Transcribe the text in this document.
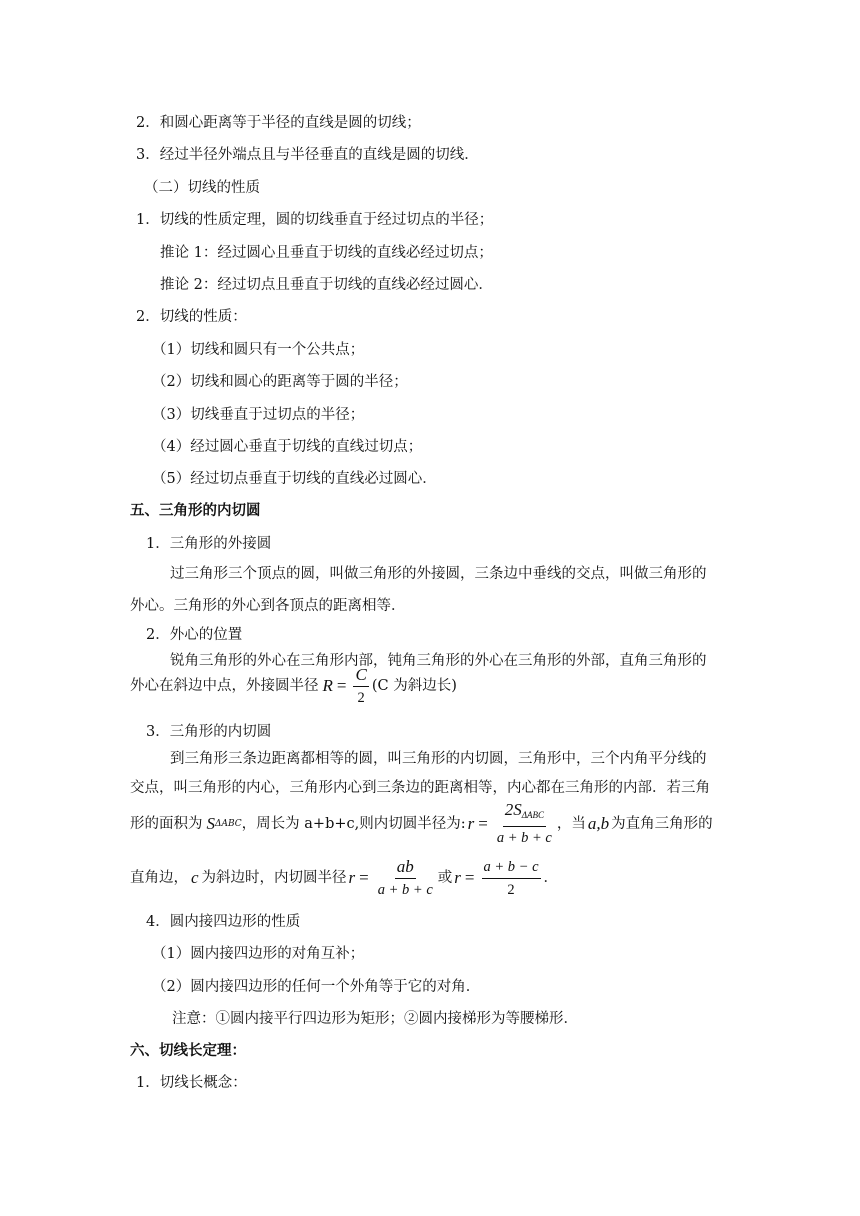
2．和圆心距离等于半径的直线是圆的切线；
3．经过半径外端点且与半径垂直的直线是圆的切线．
（二）切线的性质
1．切线的性质定理，圆的切线垂直于经过切点的半径；
推论 1：经过圆心且垂直于切线的直线必经过切点；
推论 2：经过切点且垂直于切线的直线必经过圆心．
2．切线的性质：
（1）切线和圆只有一个公共点；
（2）切线和圆心的距离等于圆的半径；
（3）切线垂直于过切点的半径；
（4）经过圆心垂直于切线的直线过切点；
（5）经过切点垂直于切线的直线必过圆心．
五、三角形的内切圆
1．三角形的外接圆
过三角形三个顶点的圆，叫做三角形的外接圆，三条边中垂线的交点，叫做三角形的
外心。三角形的外心到各顶点的距离相等．
2．外心的位置
锐角三角形的外心在三角形内部，钝角三角形的外心在三角形的外部，直角三角形的
外心在斜边中点，外接圆半径 $R = \frac{C}{2} (C$ 为斜边长)
3．三角形的内切圆
到三角形三条边距离都相等的圆，叫三角形的内切圆，三角形中，三个内角平分线的
交点，叫三角形的内心，三角形内心到三条边的距离相等，内心都在三角形的内部．若三角
形的面积为 S ΔABC ，周长为 a+b+c,则内切圆半径为: $r = \frac{2S_{\Delta ABC}}{a + b + c}$ ，当 a,b 为直角三角形的
直角边， c 为斜边时，内切圆半径 $r = \frac{ab}{a + b + c}$ 或 $r = \frac{a + b - c}{2}$ ．
4．圆内接四边形的性质
（1）圆内接四边形的对角互补；
（2）圆内接四边形的任何一个外角等于它的对角．
注意：①圆内接平行四边形为矩形；②圆内接梯形为等腰梯形．
六、切线长定理：
1．切线长概念：
